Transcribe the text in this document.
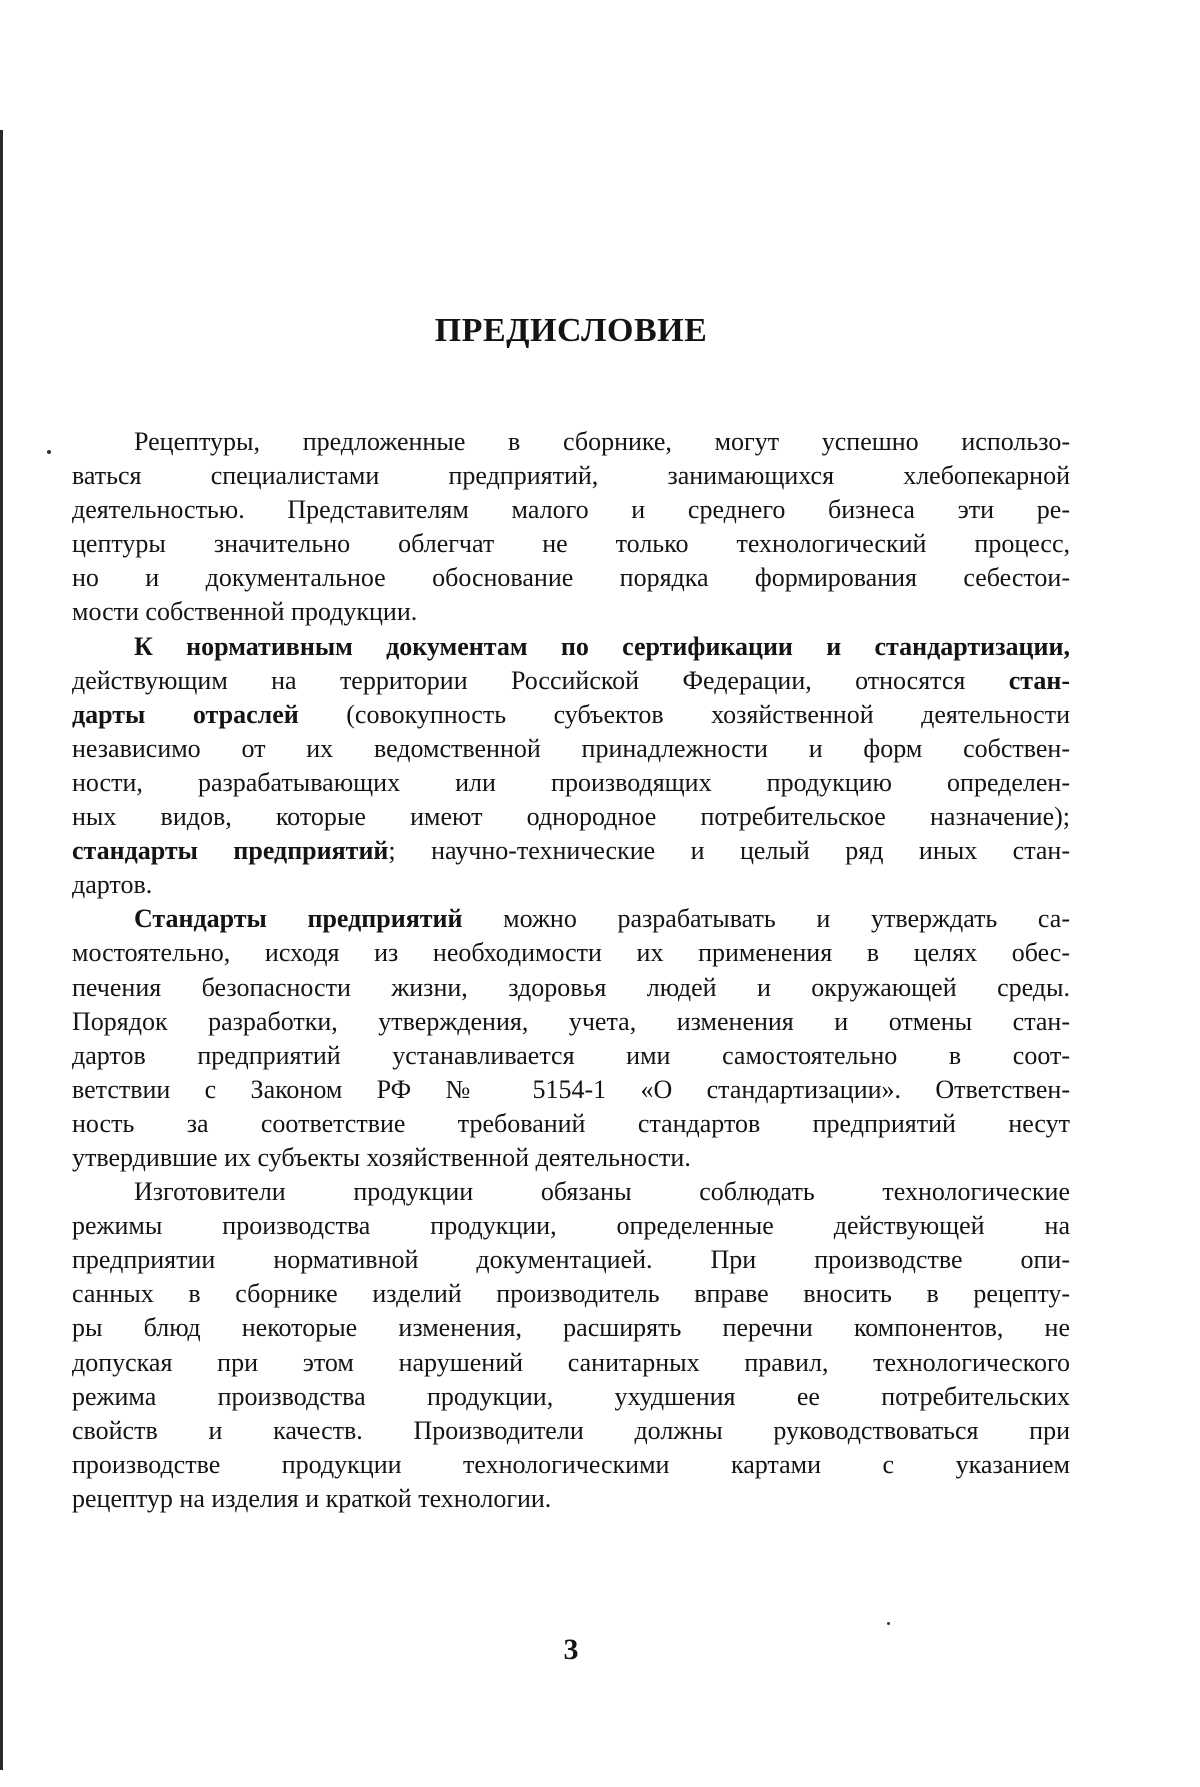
ПРЕДИСЛОВИЕ
Рецептуры, предложенные в сборнике, могут успешно использо-
ваться специалистами предприятий, занимающихся хлебопекарной
деятельностью. Представителям малого и среднего бизнеса эти ре-
цептуры значительно облегчат не только технологический процесс,
но и документальное обоснование порядка формирования себестои-
мости собственной продукции.
К нормативным документам по сертификации и стандартизации,
действующим на территории Российской Федерации, относятся стан-
дарты отраслей (совокупность субъектов хозяйственной деятельности
независимо от их ведомственной принадлежности и форм собствен-
ности, разрабатывающих или производящих продукцию определен-
ных видов, которые имеют однородное потребительское назначение);
стандарты предприятий; научно-технические и целый ряд иных стан-
дартов.
Стандарты предприятий можно разрабатывать и утверждать са-
мостоятельно, исходя из необходимости их применения в целях обес-
печения безопасности жизни, здоровья людей и окружающей среды.
Порядок разработки, утверждения, учета, изменения и отмены стан-
дартов предприятий устанавливается ими самостоятельно в соот-
ветствии с Законом РФ № 5154-1 «О стандартизации». Ответствен-
ность за соответствие требований стандартов предприятий несут
утвердившие их субъекты хозяйственной деятельности.
Изготовители продукции обязаны соблюдать технологические
режимы производства продукции, определенные действующей на
предприятии нормативной документацией. При производстве опи-
санных в сборнике изделий производитель вправе вносить в рецепту-
ры блюд некоторые изменения, расширять перечни компонентов, не
допуская при этом нарушений санитарных правил, технологического
режима производства продукции, ухудшения ее потребительских
свойств и качеств. Производители должны руководствоваться при
производстве продукции технологическими картами с указанием
рецептур на изделия и краткой технологии.
3
